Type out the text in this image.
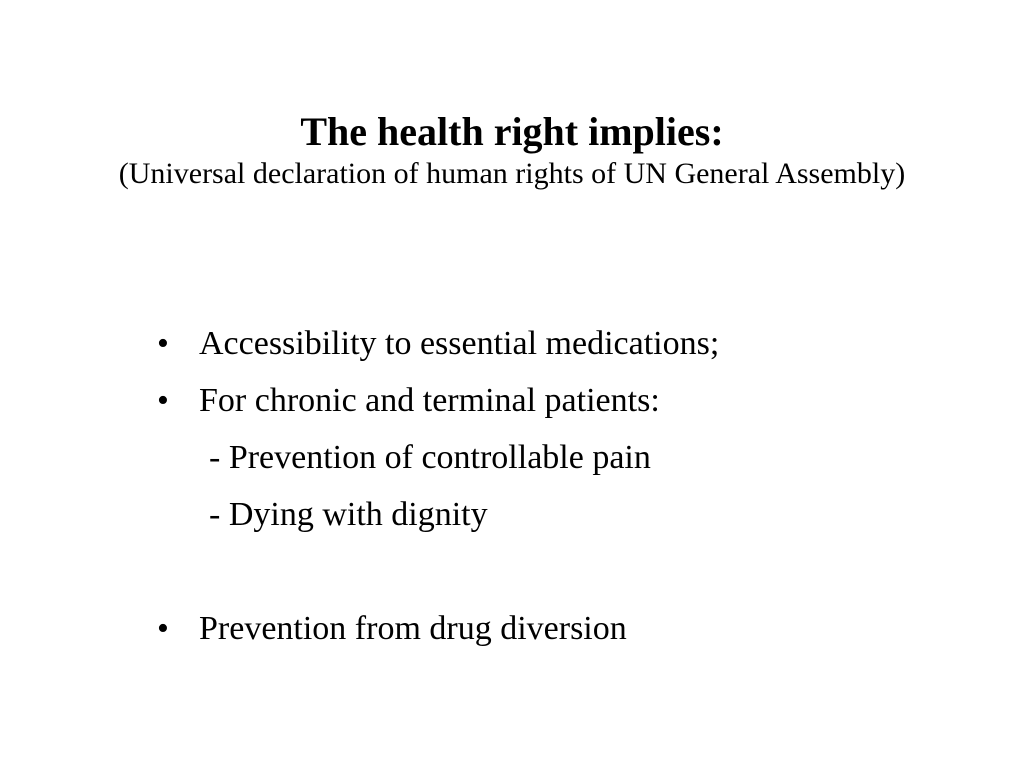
The health right implies:

(Universal declaration of human rights of UN General Assembly)

• Accessibility to essential medications;
• For chronic and terminal patients:
- Prevention of controllable pain
- Dying with dignity
• Prevention from drug diversion
